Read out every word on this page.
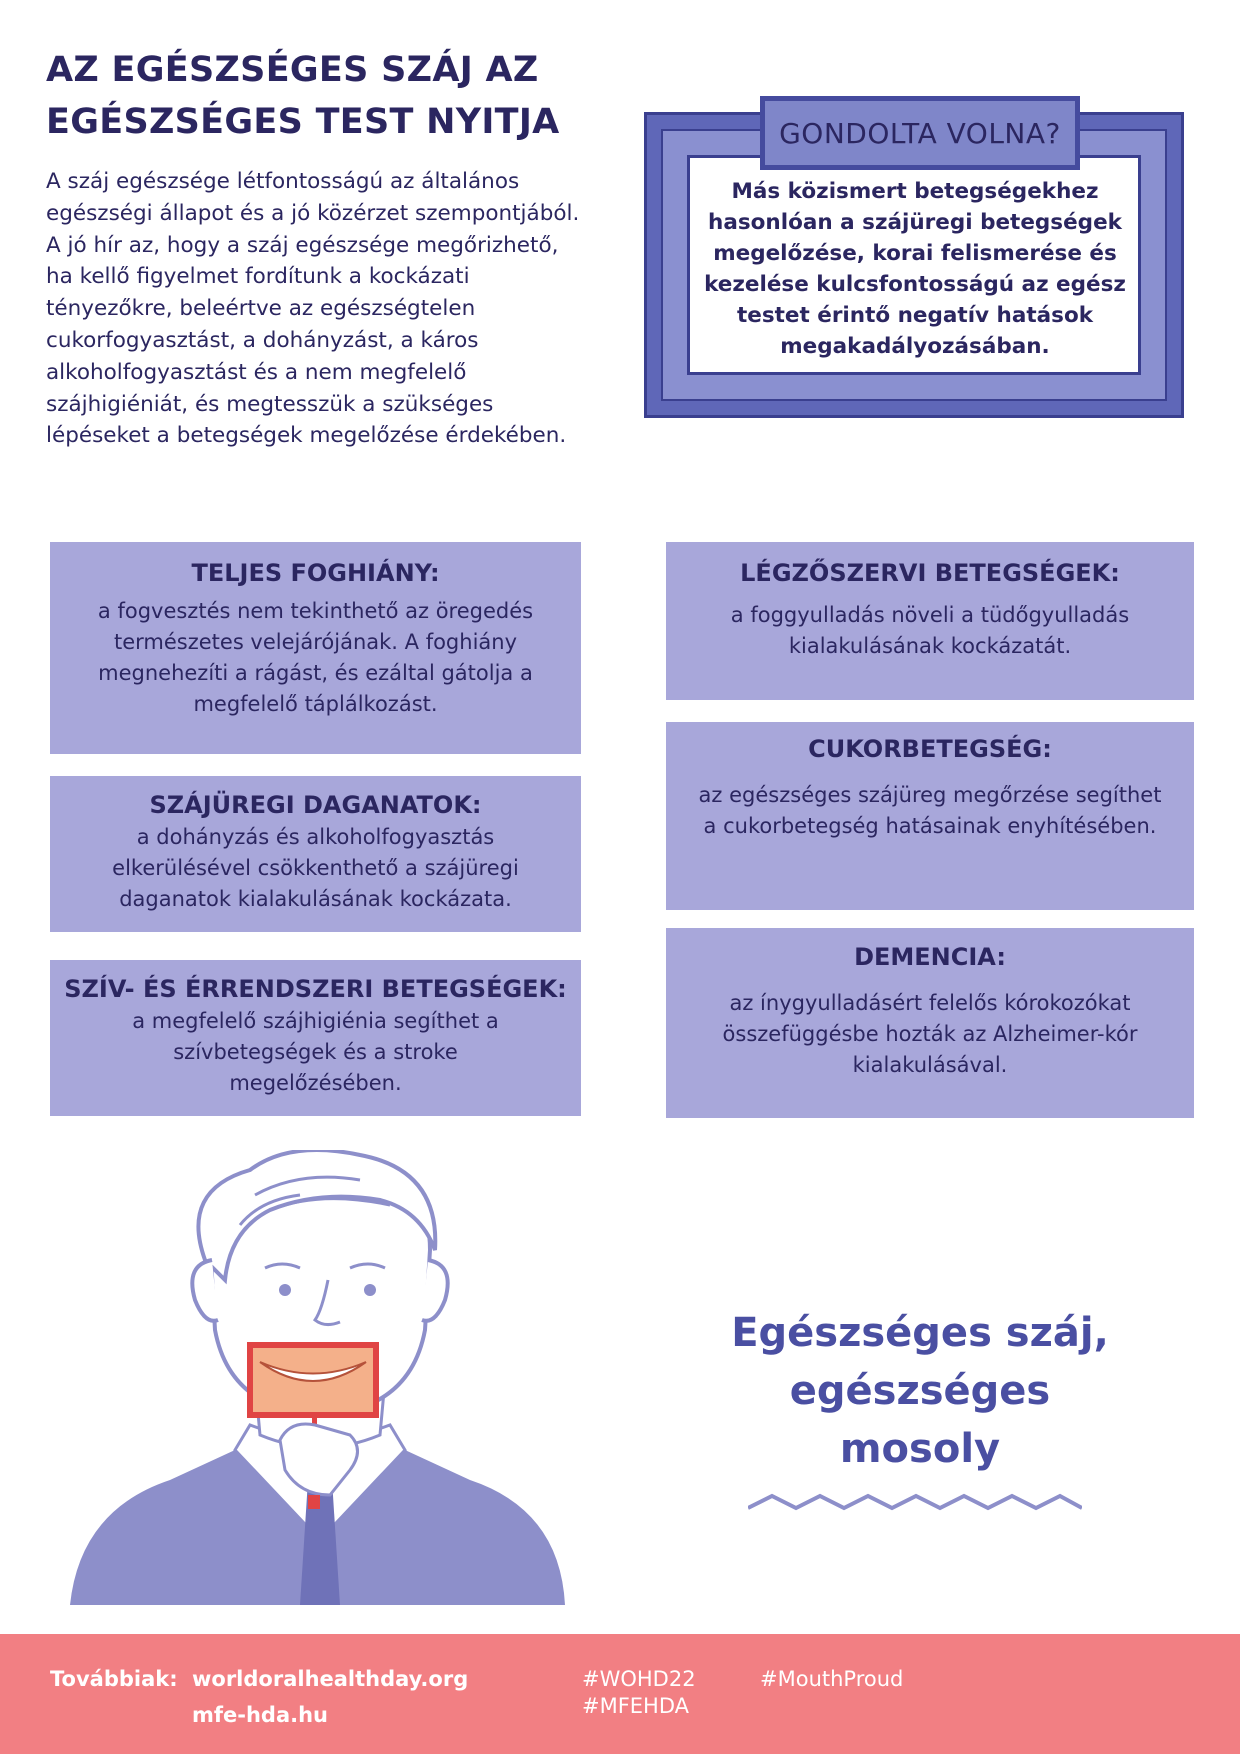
AZ EGÉSZSÉGES SZÁJ AZ
EGÉSZSÉGES TEST NYITJA

A száj egészsége létfontosságú az általános egészségi állapot és a jó közérzet szempontjából. A jó hír az, hogy a száj egészsége megőrizhető, ha kellő figyelmet fordítunk a kockázati tényezőkre, beleértve az egészségtelen cukorfogyasztást, a dohányzást, a káros alkoholfogyasztást és a nem megfelelő szájhigiéniát, és megtesszük a szükséges lépéseket a betegségek megelőzése érdekében.

GONDOLTA VOLNA?

Más közismert betegségekhez hasonlóan a szájüregi betegségek megelőzése, korai felismerése és kezelése kulcsfontosságú az egész testet érintő negatív hatások megakadályozásában.

TELJES FOGHIÁNY:

a fogvesztés nem tekinthető az öregedés természetes velejárójának. A foghiány megnehezíti a rágást, és ezáltal gátolja a megfelelő táplálkozást.

SZÁJÜREGI DAGANATOK:

a dohányzás és alkoholfogyasztás elkerülésével csökkenthető a szájüregi daganatok kialakulásának kockázata.

SZÍV- ÉS ÉRRENDSZERI BETEGSÉGEK:

a megfelelő szájhigiénia segíthet a szívbetegségek és a stroke megelőzésében.

LÉGZŐSZERVI BETEGSÉGEK:

a foggyulladás növeli a tüdőgyulladás kialakulásának kockázatát.

CUKORBETEGSÉG:

az egészséges szájüreg megőrzése segíthet a cukorbetegség hatásainak enyhítésében.

DEMENCIA:

az ínygyulladásért felelős kórokozókat összefüggésbe hozták az Alzheimer-kór kialakulásával.

Egészséges száj,
egészséges
mosoly
Továbbiak: worldoralhealthday.org
mfe-hda.hu
#WOHD22
#MFEHDA
#MouthProud
